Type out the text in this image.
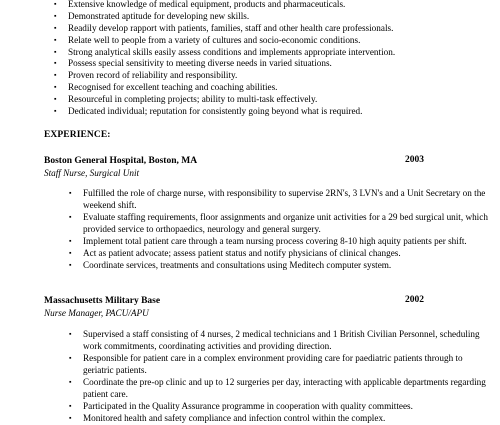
▪ Extensive knowledge of medical equipment, products and pharmaceuticals.
▪ Demonstrated aptitude for developing new skills.
▪ Readily develop rapport with patients, families, staff and other health care professionals.
▪ Relate well to people from a variety of cultures and socio-economic conditions.
▪ Strong analytical skills easily assess conditions and implements appropriate intervention.
▪ Possess special sensitivity to meeting diverse needs in varied situations.
▪ Proven record of reliability and responsibility.
▪ Recognised for excellent teaching and coaching abilities.
▪ Resourceful in completing projects; ability to multi-task effectively.
▪ Dedicated individual; reputation for consistently going beyond what is required.
EXPERIENCE:
Boston General Hospital, Boston, MA	2003
Staff Nurse, Surgical Unit
▪ Fulfilled the role of charge nurse, with responsibility to supervise 2RN's, 3 LVN's and a Unit Secretary on the weekend shift.
▪ Evaluate staffing requirements, floor assignments and organize unit activities for a 29 bed surgical unit, which provided service to orthopaedics, neurology and general surgery.
▪ Implement total patient care through a team nursing process covering 8-10 high aquity patients per shift.
▪ Act as patient advocate; assess patient status and notify physicians of clinical changes.
▪ Coordinate services, treatments and consultations using Meditech computer system.
Massachusetts Military Base	2002
Nurse Manager, PACU/APU
▪ Supervised a staff consisting of 4 nurses, 2 medical technicians and 1 British Civilian Personnel, scheduling work commitments, coordinating activities and providing direction.
▪ Responsible for patient care in a complex environment providing care for paediatric patients through to geriatric patients.
▪ Coordinate the pre-op clinic and up to 12 surgeries per day, interacting with applicable departments regarding patient care.
▪ Participated in the Quality Assurance programme in cooperation with quality committees.
▪ Monitored health and safety compliance and infection control within the complex.
